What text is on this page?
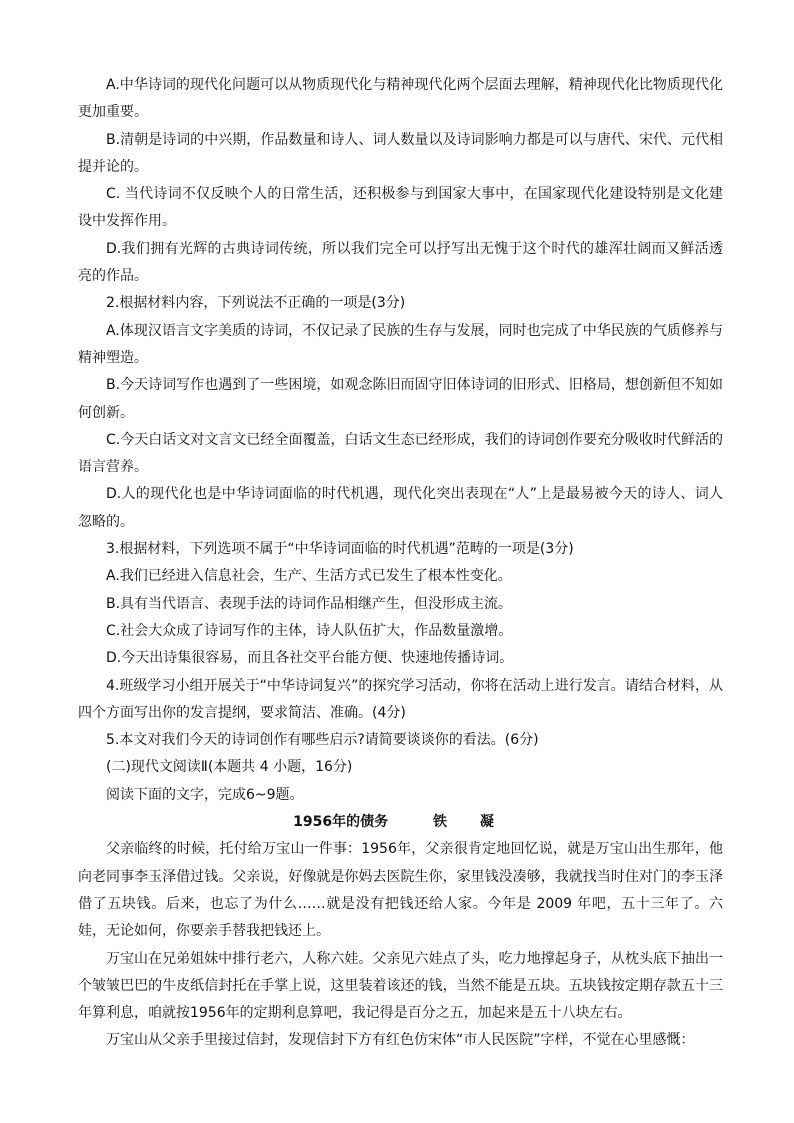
A.中华诗词的现代化问题可以从物质现代化与精神现代化两个层面去理解，精神现代化比物质现代化更加重要。

B.清朝是诗词的中兴期，作品数量和诗人、词人数量以及诗词影响力都是可以与唐代、宋代、元代相提并论的。

C. 当代诗词不仅反映个人的日常生活，还积极参与到国家大事中，在国家现代化建设特别是文化建设中发挥作用。

D.我们拥有光辉的古典诗词传统，所以我们完全可以抒写出无愧于这个时代的雄浑壮阔而又鲜活透亮的作品。

2.根据材料内容，下列说法不正确的一项是(3分)

A.体现汉语言文字美质的诗词，不仅记录了民族的生存与发展，同时也完成了中华民族的气质修养与精神塑造。

B.今天诗词写作也遇到了一些困境，如观念陈旧而固守旧体诗词的旧形式、旧格局，想创新但不知如何创新。

C.今天白话文对文言文已经全面覆盖，白话文生态已经形成，我们的诗词创作要充分吸收时代鲜活的语言营养。

D.人的现代化也是中华诗词面临的时代机遇，现代化突出表现在“人”上是最易被今天的诗人、词人忽略的。

3.根据材料，下列选项不属于“中华诗词面临的时代机遇”范畴的一项是(3分)

A.我们已经进入信息社会，生产、生活方式已发生了根本性变化。

B.具有当代语言、表现手法的诗词作品相继产生，但没形成主流。

C.社会大众成了诗词写作的主体，诗人队伍扩大，作品数量激增。

D.今天出诗集很容易，而且各社交平台能方便、快速地传播诗词。

4.班级学习小组开展关于“中华诗词复兴”的探究学习活动，你将在活动上进行发言。请结合材料，从四个方面写出你的发言提纲，要求简洁、准确。(4分)

5.本文对我们今天的诗词创作有哪些启示?请简要谈谈你的看法。(6分)

(二)现代文阅读Ⅱ(本题共 4 小题，16分)

阅读下面的文字，完成6~9题。

1956年的债务	铁 凝

父亲临终的时候，托付给万宝山一件事：1956年，父亲很肯定地回忆说，就是万宝山出生那年，他向老同事李玉泽借过钱。父亲说，好像就是你妈去医院生你，家里钱没凑够，我就找当时住对门的李玉泽借了五块钱。后来，也忘了为什么……就是没有把钱还给人家。今年是 2009 年吧，五十三年了。六娃，无论如何，你要亲手替我把钱还上。

万宝山在兄弟姐妹中排行老六，人称六娃。父亲见六娃点了头，吃力地撑起身子，从枕头底下抽出一个皱皱巴巴的牛皮纸信封托在手掌上说，这里装着该还的钱，当然不能是五块。五块钱按定期存款五十三年算利息，咱就按1956年的定期利息算吧，我记得是百分之五，加起来是五十八块左右。

万宝山从父亲手里接过信封，发现信封下方有红色仿宋体“市人民医院”字样，不觉在心里感慨：
